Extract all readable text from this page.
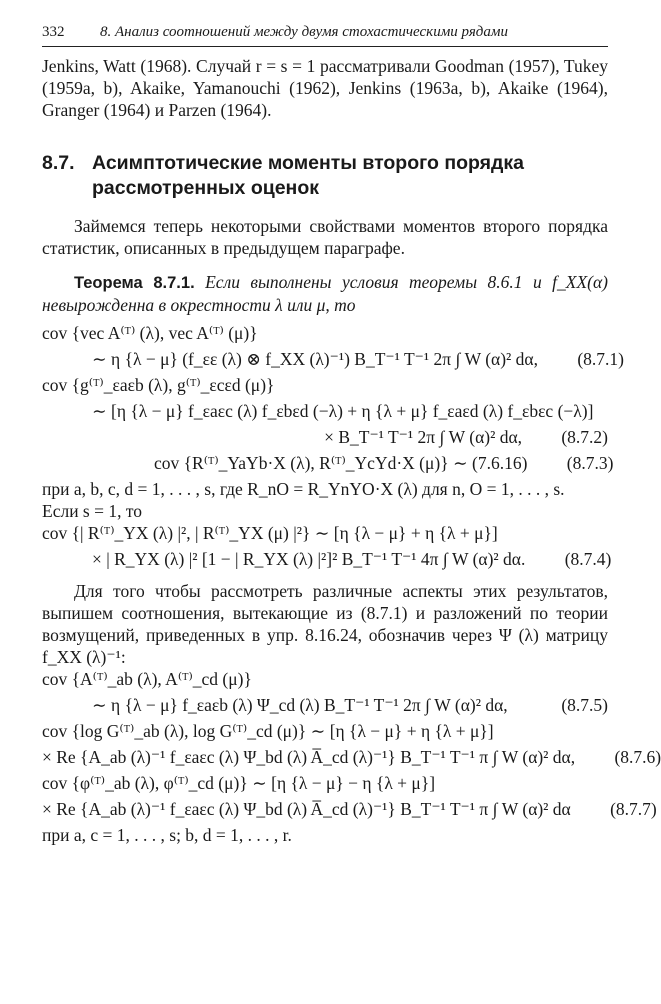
332	8. Анализ соотношений между двумя стохастическими рядами

Jenkins, Watt (1968). Случай r = s = 1 рассматривали Goodman (1957), Tukey (1959a, b), Akaike, Yamanouchi (1962), Jenkins (1963a, b), Akaike (1964), Granger (1964) и Parzen (1964).

8.7. Асимптотические моменты второго порядка рассмотренных оценок

Займемся теперь некоторыми свойствами моментов второго порядка статистик, описанных в предыдущем параграфе.

Теорема 8.7.1. Если выполнены условия теоремы 8.6.1 и f_XX(α) невырожденна в окрестности λ или μ, то

cov {vec A⁽ᵀ⁾ (λ), vec A⁽ᵀ⁾ (μ)}
∼ η {λ − μ} (f_εε (λ) ⊗ f_XX (λ)⁻¹) B_T⁻¹ T⁻¹ 2π ∫ W (α)² dα,	(8.7.1)
cov {g⁽ᵀ⁾_εaεb (λ), g⁽ᵀ⁾_εcεd (μ)}
∼ [η {λ − μ} f_εaεc (λ) f_εbεd (−λ) + η {λ + μ} f_εaεd (λ) f_εbεc (−λ)]
× B_T⁻¹ T⁻¹ 2π ∫ W (α)² dα,	(8.7.2)
cov {R⁽ᵀ⁾_YaYb·X (λ), R⁽ᵀ⁾_YcYd·X (μ)} ∼ (7.6.16)	(8.7.3)

при a, b, c, d = 1, . . . , s, где R_nO = R_YnYO·X (λ) для n, O = 1, . . . , s.

Если s = 1, то

cov {| R⁽ᵀ⁾_YX (λ) |², | R⁽ᵀ⁾_YX (μ) |²} ∼ [η {λ − μ} + η {λ + μ}]
× | R_YX (λ) |² [1 − | R_YX (λ) |²]² B_T⁻¹ T⁻¹ 4π ∫ W (α)² dα.	(8.7.4)

Для того чтобы рассмотреть различные аспекты этих результатов, выпишем соотношения, вытекающие из (8.7.1) и разложений по теории возмущений, приведенных в упр. 8.16.24, обозначив через Ψ (λ) матрицу f_XX (λ)⁻¹:

cov {A⁽ᵀ⁾_ab (λ), A⁽ᵀ⁾_cd (μ)}
∼ η {λ − μ} f_εaεb (λ) Ψ_cd (λ) B_T⁻¹ T⁻¹ 2π ∫ W (α)² dα,	(8.7.5)
cov {log G⁽ᵀ⁾_ab (λ), log G⁽ᵀ⁾_cd (μ)} ∼ [η {λ − μ} + η {λ + μ}]
× Re {A_ab (λ)⁻¹ f_εaεc (λ) Ψ_bd (λ) A̅_cd (λ)⁻¹} B_T⁻¹ T⁻¹ π ∫ W (α)² dα,	(8.7.6)
cov {φ⁽ᵀ⁾_ab (λ), φ⁽ᵀ⁾_cd (μ)} ∼ [η {λ − μ} − η {λ + μ}]
× Re {A_ab (λ)⁻¹ f_εaεc (λ) Ψ_bd (λ) A̅_cd (λ)⁻¹} B_T⁻¹ T⁻¹ π ∫ W (α)² dα	(8.7.7)

при a, c = 1, . . . , s; b, d = 1, . . . , r.
